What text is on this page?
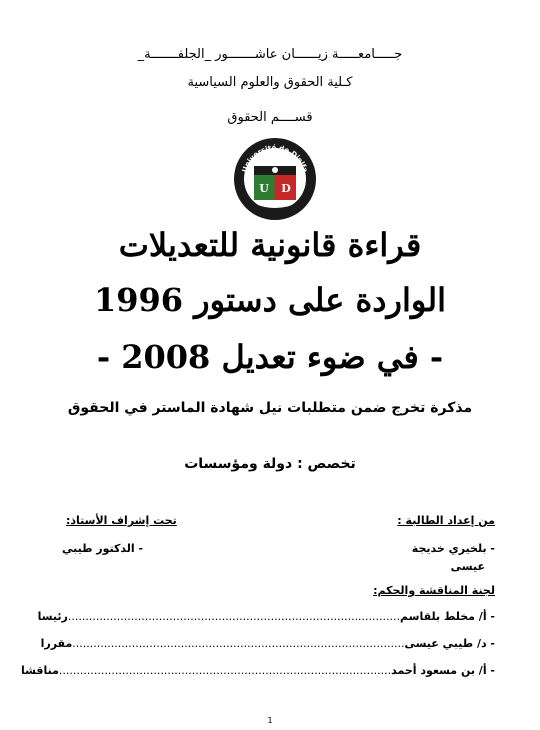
جـــــامعـــــة زيــــــان عاشـــــــور _الجلفـــــــة_
كـلية الحقوق والعلوم السياسية
قســــم الحقوق
Université de Djelfa
U D
قراءة قانونية للتعديلات
الواردة على دستور 1996
- في ضوء تعديل 2008 -
مذكرة تخرج ضمن متطلبات نيل شهادة الماستر في الحقوق
تخصص : دولة ومؤسسات
من إعداد الطالبة :
تحت إشراف الأستاذ:
- بلخيري خديجة
عيسى
- الدكتور طيبي
لجنة المناقشة والحكم:
- أ/ مخلط بلقاسم
...............................................................................................
رئيسا
- د/ طيبي عيسى
...............................................................................................
مقررا
- أ/ بن مسعود أحمد
...............................................................................................
مناقشا
1
